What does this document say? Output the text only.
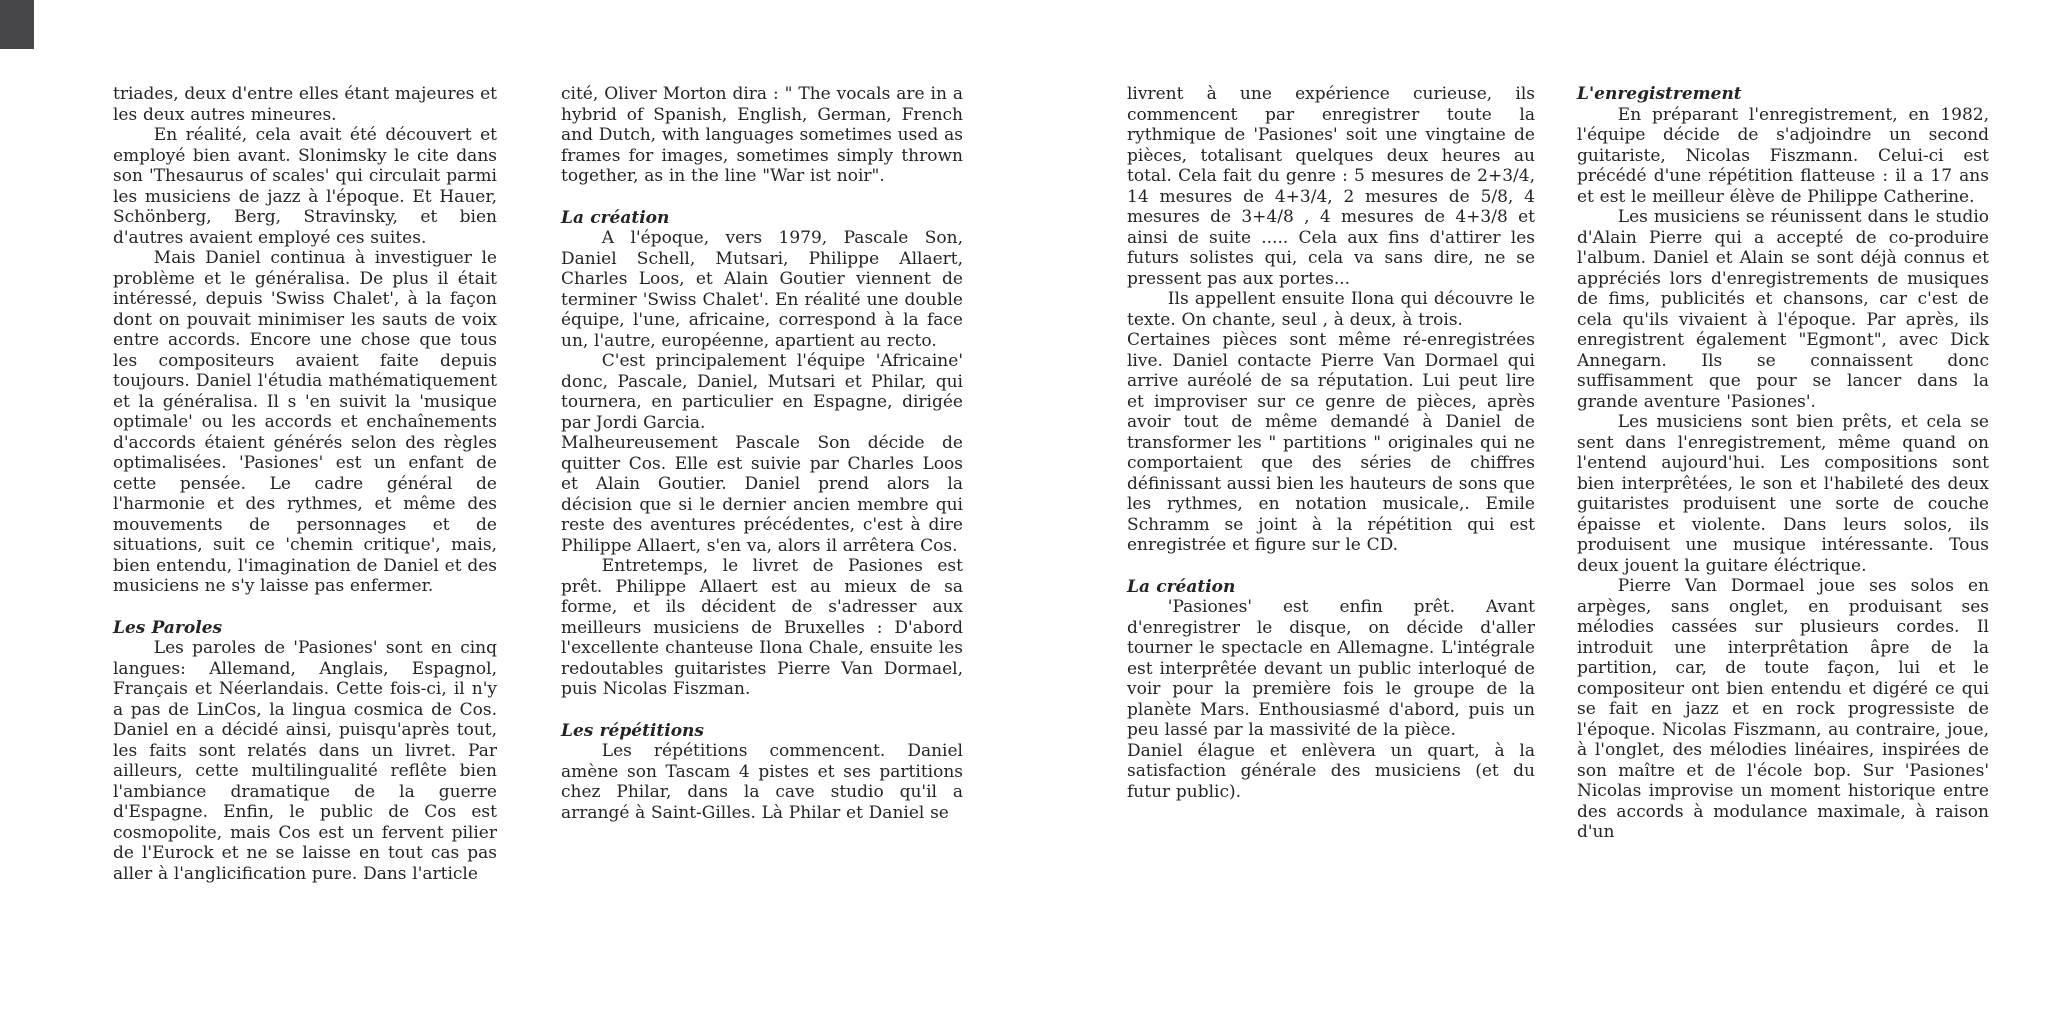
triades, deux d'entre elles étant majeures et les deux autres mineures.

En réalité, cela avait été découvert et employé bien avant. Slonimsky le cite dans son 'Thesaurus of scales' qui circulait parmi les musiciens de jazz à l'époque. Et Hauer, Schönberg, Berg, Stravinsky, et bien d'autres avaient employé ces suites.

Mais Daniel continua à investiguer le problème et le généralisa. De plus il était intéressé, depuis 'Swiss Chalet', à la façon dont on pouvait minimiser les sauts de voix entre accords. Encore une chose que tous les compositeurs avaient faite depuis toujours. Daniel l'étudia mathématiquement et la généralisa. Il s 'en suivit la 'musique optimale' ou les accords et enchaînements d'accords étaient générés selon des règles optimalisées. 'Pasiones' est un enfant de cette pensée. Le cadre général de l'harmonie et des rythmes, et même des mouvements de personnages et de situations, suit ce 'chemin critique', mais, bien entendu, l'imagination de Daniel et des musiciens ne s'y laisse pas enfermer.

Les Paroles

Les paroles de 'Pasiones' sont en cinq langues: Allemand, Anglais, Espagnol, Français et Néerlandais. Cette fois-ci, il n'y a pas de LinCos, la lingua cosmica de Cos. Daniel en a décidé ainsi, puisqu'après tout, les faits sont relatés dans un livret. Par ailleurs, cette multilingualité reflête bien l'ambiance dramatique de la guerre d'Espagne. Enfin, le public de Cos est cosmopolite, mais Cos est un fervent pilier de l'Eurock et ne se laisse en tout cas pas aller à l'anglicification pure. Dans l'article

cité, Oliver Morton dira : " The vocals are in a hybrid of Spanish, English, German, French and Dutch, with languages sometimes used as frames for images, sometimes simply thrown together, as in the line "War ist noir".

La création

A l'époque, vers 1979, Pascale Son, Daniel Schell, Mutsari, Philippe Allaert, Charles Loos, et Alain Goutier viennent de terminer 'Swiss Chalet'. En réalité une double équipe, l'une, africaine, correspond à la face un, l'autre, européenne, apartient au recto.

C'est principalement l'équipe 'Africaine' donc, Pascale, Daniel, Mutsari et Philar, qui tournera, en particulier en Espagne, dirigée par Jordi Garcia.

Malheureusement Pascale Son décide de quitter Cos. Elle est suivie par Charles Loos et Alain Goutier. Daniel prend alors la décision que si le dernier ancien membre qui reste des aventures précédentes, c'est à dire Philippe Allaert, s'en va, alors il arrêtera Cos.

Entretemps, le livret de Pasiones est prêt. Philippe Allaert est au mieux de sa forme, et ils décident de s'adresser aux meilleurs musiciens de Bruxelles : D'abord l'excellente chanteuse Ilona Chale, ensuite les redoutables guitaristes Pierre Van Dormael, puis Nicolas Fiszman.

Les répétitions

Les répétitions commencent. Daniel amène son Tascam 4 pistes et ses partitions chez Philar, dans la cave studio qu'il a arrangé à Saint-Gilles. Là Philar et Daniel se

livrent à une expérience curieuse, ils commencent par enregistrer toute la rythmique de 'Pasiones' soit une vingtaine de pièces, totalisant quelques deux heures au total. Cela fait du genre : 5 mesures de 2+3/4, 14 mesures de 4+3/4, 2 mesures de 5/8, 4 mesures de 3+4/8 , 4 mesures de 4+3/8 et ainsi de suite ..... Cela aux fins d'attirer les futurs solistes qui, cela va sans dire, ne se pressent pas aux portes...

Ils appellent ensuite Ilona qui découvre le texte. On chante, seul , à deux, à trois.

Certaines pièces sont même ré-enregistrées live. Daniel contacte Pierre Van Dormael qui arrive auréolé de sa réputation. Lui peut lire et improviser sur ce genre de pièces, après avoir tout de même demandé à Daniel de transformer les " partitions " originales qui ne comportaient que des séries de chiffres définissant aussi bien les hauteurs de sons que les rythmes, en notation musicale,. Emile Schramm se joint à la répétition qui est enregistrée et figure sur le CD.

La création

'Pasiones' est enfin prêt. Avant d'enregistrer le disque, on décide d'aller tourner le spectacle en Allemagne. L'intégrale est interprêtée devant un public interloqué de voir pour la première fois le groupe de la planète Mars. Enthousiasmé d'abord, puis un peu lassé par la massivité de la pièce.

Daniel élague et enlèvera un quart, à la satisfaction générale des musiciens (et du futur public).

L'enregistrement

En préparant l'enregistrement, en 1982, l'équipe décide de s'adjoindre un second guitariste, Nicolas Fiszmann. Celui-ci est précédé d'une répétition flatteuse : il a 17 ans et est le meilleur élève de Philippe Catherine.

Les musiciens se réunissent dans le studio d'Alain Pierre qui a accepté de co-produire l'album. Daniel et Alain se sont déjà connus et appréciés lors d'enregistrements de musiques de fims, publicités et chansons, car c'est de cela qu'ils vivaient à l'époque. Par après, ils enregistrent également "Egmont", avec Dick Annegarn. Ils se connaissent donc suffisamment que pour se lancer dans la grande aventure 'Pasiones'.

Les musiciens sont bien prêts, et cela se sent dans l'enregistrement, même quand on l'entend aujourd'hui. Les compositions sont bien interprêtées, le son et l'habileté des deux guitaristes produisent une sorte de couche épaisse et violente. Dans leurs solos, ils produisent une musique intéressante. Tous deux jouent la guitare éléctrique.

Pierre Van Dormael joue ses solos en arpèges, sans onglet, en produisant ses mélodies cassées sur plusieurs cordes. Il introduit une interprêtation âpre de la partition, car, de toute façon, lui et le compositeur ont bien entendu et digéré ce qui se fait en jazz et en rock progressiste de l'époque. Nicolas Fiszmann, au contraire, joue, à l'onglet, des mélodies linéaires, inspirées de son maître et de l'école bop. Sur 'Pasiones' Nicolas improvise un moment historique entre des accords à modulance maximale, à raison d'un
